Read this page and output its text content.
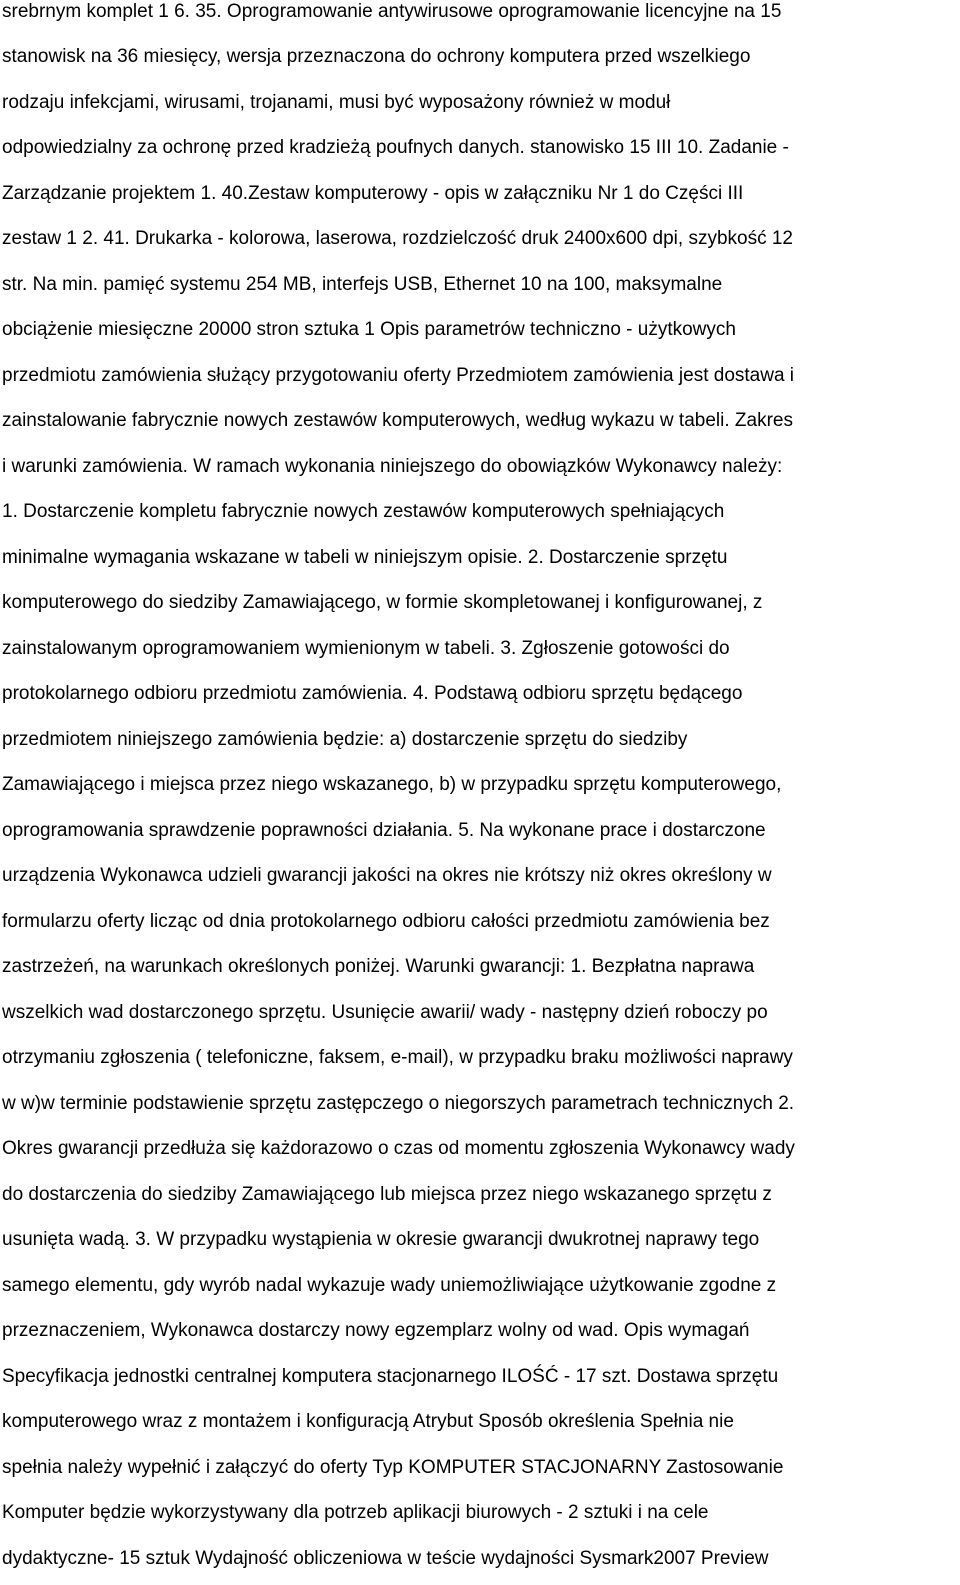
srebrnym komplet 1 6. 35. Oprogramowanie antywirusowe oprogramowanie licencyjne na 15

stanowisk na 36 miesięcy, wersja przeznaczona do ochrony komputera przed wszelkiego

rodzaju infekcjami, wirusami, trojanami, musi być wyposażony również w moduł

odpowiedzialny za ochronę przed kradzieżą poufnych danych. stanowisko 15 III 10. Zadanie -

Zarządzanie projektem 1. 40.Zestaw komputerowy - opis w załączniku Nr 1 do Części III

zestaw 1 2. 41. Drukarka - kolorowa, laserowa, rozdzielczość druk 2400x600 dpi, szybkość 12

str. Na min. pamięć systemu 254 MB, interfejs USB, Ethernet 10 na 100, maksymalne

obciążenie miesięczne 20000 stron sztuka 1 Opis parametrów techniczno - użytkowych

przedmiotu zamówienia służący przygotowaniu oferty Przedmiotem zamówienia jest dostawa i

zainstalowanie fabrycznie nowych zestawów komputerowych, według wykazu w tabeli. Zakres

i warunki zamówienia. W ramach wykonania niniejszego do obowiązków Wykonawcy należy:

1. Dostarczenie kompletu fabrycznie nowych zestawów komputerowych spełniających

minimalne wymagania wskazane w tabeli w niniejszym opisie. 2. Dostarczenie sprzętu

komputerowego do siedziby Zamawiającego, w formie skompletowanej i konfigurowanej, z

zainstalowanym oprogramowaniem wymienionym w tabeli. 3. Zgłoszenie gotowości do

protokolarnego odbioru przedmiotu zamówienia. 4. Podstawą odbioru sprzętu będącego

przedmiotem niniejszego zamówienia będzie: a) dostarczenie sprzętu do siedziby

Zamawiającego i miejsca przez niego wskazanego, b) w przypadku sprzętu komputerowego,

oprogramowania sprawdzenie poprawności działania. 5. Na wykonane prace i dostarczone

urządzenia Wykonawca udzieli gwarancji jakości na okres nie krótszy niż okres określony w

formularzu oferty licząc od dnia protokolarnego odbioru całości przedmiotu zamówienia bez

zastrzeżeń, na warunkach określonych poniżej. Warunki gwarancji: 1. Bezpłatna naprawa

wszelkich wad dostarczonego sprzętu. Usunięcie awarii/ wady - następny dzień roboczy po

otrzymaniu zgłoszenia ( telefoniczne, faksem, e-mail), w przypadku braku możliwości naprawy

w w)w terminie podstawienie sprzętu zastępczego o niegorszych parametrach technicznych 2.

Okres gwarancji przedłuża się każdorazowo o czas od momentu zgłoszenia Wykonawcy wady

do dostarczenia do siedziby Zamawiającego lub miejsca przez niego wskazanego sprzętu z

usunięta wadą. 3. W przypadku wystąpienia w okresie gwarancji dwukrotnej naprawy tego

samego elementu, gdy wyrób nadal wykazuje wady uniemożliwiające użytkowanie zgodne z

przeznaczeniem, Wykonawca dostarczy nowy egzemplarz wolny od wad. Opis wymagań

Specyfikacja jednostki centralnej komputera stacjonarnego ILOŚĆ - 17 szt. Dostawa sprzętu

komputerowego wraz z montażem i konfiguracją Atrybut Sposób określenia Spełnia nie

spełnia należy wypełnić i załączyć do oferty Typ KOMPUTER STACJONARNY Zastosowanie

Komputer będzie wykorzystywany dla potrzeb aplikacji biurowych - 2 sztuki i na cele

dydaktyczne- 15 sztuk Wydajność obliczeniowa w teście wydajności Sysmark2007 Preview
